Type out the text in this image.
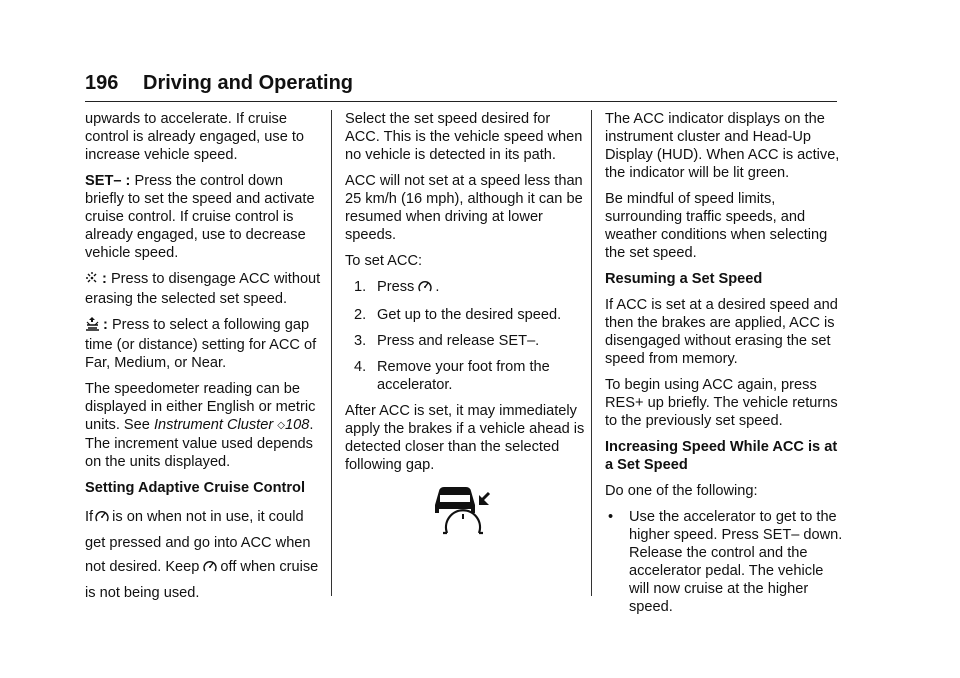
196 Driving and Operating

upwards to accelerate. If cruise control is already engaged, use to increase vehicle speed.

SET– : Press the control down briefly to set the speed and activate cruise control. If cruise control is already engaged, use to decrease vehicle speed.

: Press to disengage ACC without erasing the selected set speed.

: Press to select a following gap time (or distance) setting for ACC of Far, Medium, or Near.

The speedometer reading can be displayed in either English or metric units. See Instrument Cluster ◇108. The increment value used depends on the units displayed.

Setting Adaptive Cruise Control

If is on when not in use, it could get pressed and go into ACC when not desired. Keep off when cruise is not being used.

Select the set speed desired for ACC. This is the vehicle speed when no vehicle is detected in its path.

ACC will not set at a speed less than 25 km/h (16 mph), although it can be resumed when driving at lower speeds.

To set ACC:

1. Press .
2. Get up to the desired speed.
3. Press and release SET–.
4. Remove your foot from the accelerator.

After ACC is set, it may immediately apply the brakes if a vehicle ahead is detected closer than the selected following gap.

The ACC indicator displays on the instrument cluster and Head-Up Display (HUD). When ACC is active, the indicator will be lit green.

Be mindful of speed limits, surrounding traffic speeds, and weather conditions when selecting the set speed.

Resuming a Set Speed

If ACC is set at a desired speed and then the brakes are applied, ACC is disengaged without erasing the set speed from memory.

To begin using ACC again, press RES+ up briefly. The vehicle returns to the previously set speed.

Increasing Speed While ACC is at a Set Speed

Do one of the following:

• Use the accelerator to get to the higher speed. Press SET– down. Release the control and the accelerator pedal. The vehicle will now cruise at the higher speed.
